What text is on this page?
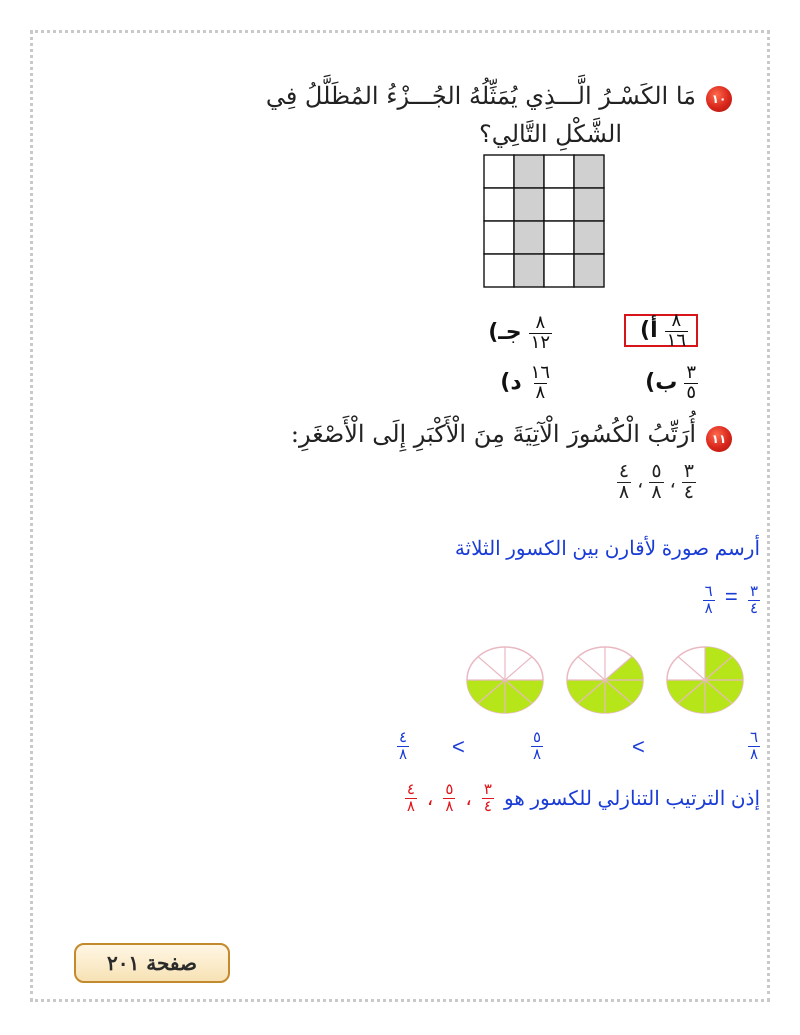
١٠
مَا الكَسْـرُ الَّـــذِي يُمَثِّلُهُ الجُـــزْءُ المُظَلَّلُ فِي
الشَّكْلِ التَّالِي؟
$\frac{٨}{١٦}$
أ)
$\frac{٨}{١٢}$
جـ)
$\frac{٣}{٥}$
ب)
$\frac{١٦}{٨}$
د)
١١
أُرَتِّبُ الْكُسُورَ الْآتِيَةَ مِنَ الْأَكْبَرِ إِلَى الْأَصْغَرِ:
$\frac{٣}{٤}$
،
$\frac{٥}{٨}$
،
$\frac{٤}{٨}$
أرسم صورة لأقارن بين الكسور الثلاثة
$\frac{٣}{٤}$
=
$\frac{٦}{٨}$
$\frac{٦}{٨}$
>
$\frac{٥}{٨}$
>
$\frac{٤}{٨}$
إذن الترتيب التنازلي للكسور هو
$\frac{٣}{٤}$
،
$\frac{٥}{٨}$
،
$\frac{٤}{٨}$
صفحة ٢٠١
